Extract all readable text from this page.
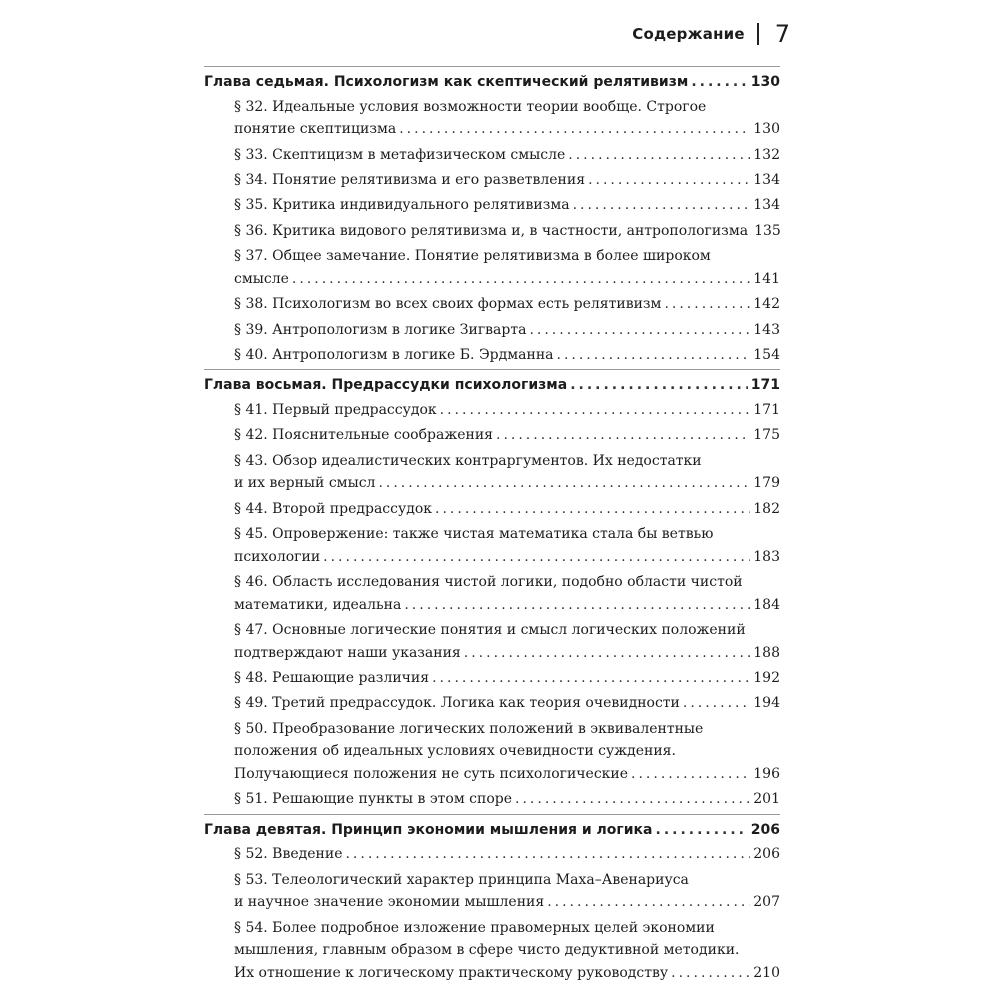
Содержание 7
Глава седьмая. Психологизм как скептический релятивизм .....	130
§ 32. Идеальные условия возможности теории вообще. Строгое
понятие скептицизма .....	130
§ 33. Скептицизм в метафизическом смысле .....	132
§ 34. Понятие релятивизма и его разветвления .....	134
§ 35. Критика индивидуального релятивизма .....	134
§ 36. Критика видового релятивизма и, в частности, антропологизма 135
§ 37. Общее замечание. Понятие релятивизма в более широком
смысле .....	141
§ 38. Психологизм во всех своих формах есть релятивизм .....	142
§ 39. Антропологизм в логике Зигварта .....	143
§ 40. Антропологизм в логике Б. Эрдманна .....	154
Глава восьмая. Предрассудки психологизма .....	171
§ 41. Первый предрассудок .....	171
§ 42. Пояснительные соображения .....	175
§ 43. Обзор идеалистических контраргументов. Их недостатки
и их верный смысл .....	179
§ 44. Второй предрассудок .....	182
§ 45. Опровержение: также чистая математика стала бы ветвью
психологии .....	183
§ 46. Область исследования чистой логики, подобно области чистой
математики, идеальна .....	184
§ 47. Основные логические понятия и смысл логических положений
подтверждают наши указания .....	188
§ 48. Решающие различия .....	192
§ 49. Третий предрассудок. Логика как теория очевидности .....	194
§ 50. Преобразование логических положений в эквивалентные
положения об идеальных условиях очевидности суждения.
Получающиеся положения не суть психологические .....	196
§ 51. Решающие пункты в этом споре .....	201
Глава девятая. Принцип экономии мышления и логика .....	206
§ 52. Введение .....	206
§ 53. Телеологический характер принципа Маха–Авенариуса
и научное значение экономии мышления .....	207
§ 54. Более подробное изложение правомерных целей экономии
мышления, главным образом в сфере чисто дедуктивной методики.
Их отношение к логическому практическому руководству .....	210
